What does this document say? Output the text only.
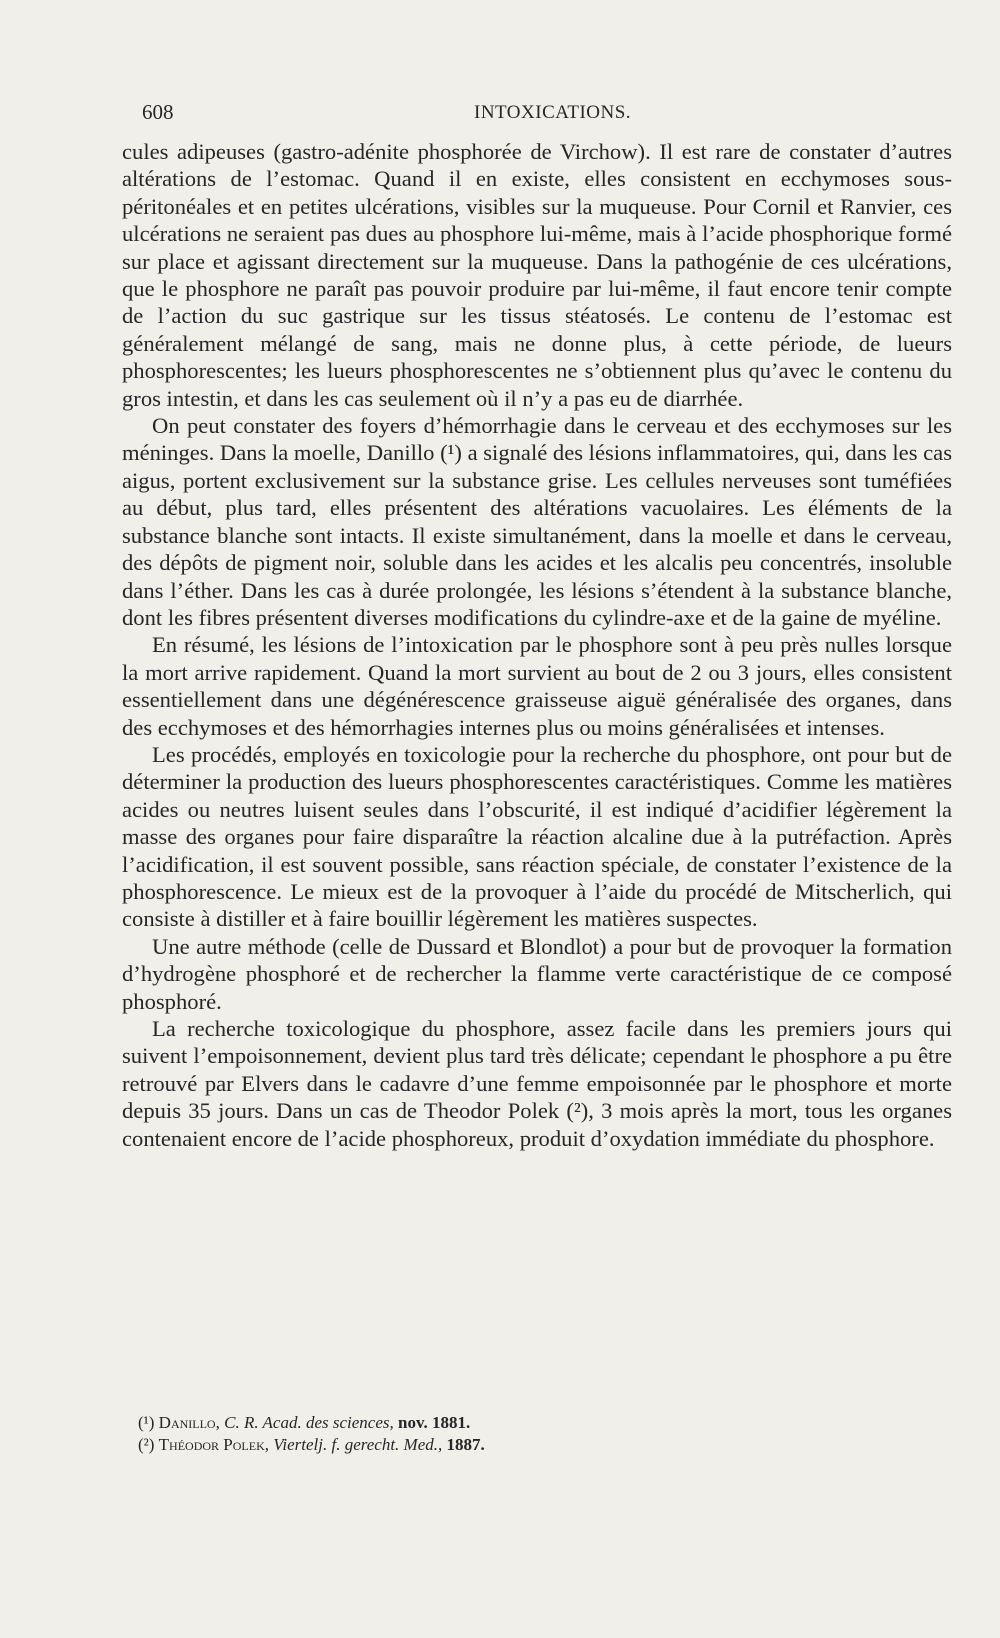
608	INTOXICATIONS.

cules adipeuses (gastro-adénite phosphorée de Virchow). Il est rare de constater d’autres altérations de l’estomac. Quand il en existe, elles consistent en ecchymoses sous-péritonéales et en petites ulcérations, visibles sur la muqueuse. Pour Cornil et Ranvier, ces ulcérations ne seraient pas dues au phosphore lui-même, mais à l’acide phosphorique formé sur place et agissant directement sur la muqueuse. Dans la pathogénie de ces ulcérations, que le phosphore ne paraît pas pouvoir produire par lui-même, il faut encore tenir compte de l’action du suc gastrique sur les tissus stéatosés. Le contenu de l’estomac est généralement mélangé de sang, mais ne donne plus, à cette période, de lueurs phosphorescentes; les lueurs phosphorescentes ne s’obtiennent plus qu’avec le contenu du gros intestin, et dans les cas seulement où il n’y a pas eu de diarrhée.

On peut constater des foyers d’hémorrhagie dans le cerveau et des ecchymoses sur les méninges. Dans la moelle, Danillo (¹) a signalé des lésions inflammatoires, qui, dans les cas aigus, portent exclusivement sur la substance grise. Les cellules nerveuses sont tuméfiées au début, plus tard, elles présentent des altérations vacuolaires. Les éléments de la substance blanche sont intacts. Il existe simultanément, dans la moelle et dans le cerveau, des dépôts de pigment noir, soluble dans les acides et les alcalis peu concentrés, insoluble dans l’éther. Dans les cas à durée prolongée, les lésions s’étendent à la substance blanche, dont les fibres présentent diverses modifications du cylindre-axe et de la gaine de myéline.

En résumé, les lésions de l’intoxication par le phosphore sont à peu près nulles lorsque la mort arrive rapidement. Quand la mort survient au bout de 2 ou 3 jours, elles consistent essentiellement dans une dégénérescence graisseuse aiguë généralisée des organes, dans des ecchymoses et des hémorrhagies internes plus ou moins généralisées et intenses.

Les procédés, employés en toxicologie pour la recherche du phosphore, ont pour but de déterminer la production des lueurs phosphorescentes caractéristiques. Comme les matières acides ou neutres luisent seules dans l’obscurité, il est indiqué d’acidifier légèrement la masse des organes pour faire disparaître la réaction alcaline due à la putréfaction. Après l’acidification, il est souvent possible, sans réaction spéciale, de constater l’existence de la phosphorescence. Le mieux est de la provoquer à l’aide du procédé de Mitscherlich, qui consiste à distiller et à faire bouillir légèrement les matières suspectes.

Une autre méthode (celle de Dussard et Blondlot) a pour but de provoquer la formation d’hydrogène phosphoré et de rechercher la flamme verte caractéristique de ce composé phosphoré.

La recherche toxicologique du phosphore, assez facile dans les premiers jours qui suivent l’empoisonnement, devient plus tard très délicate; cependant le phosphore a pu être retrouvé par Elvers dans le cadavre d’une femme empoisonnée par le phosphore et morte depuis 35 jours. Dans un cas de Theodor Polek (²), 3 mois après la mort, tous les organes contenaient encore de l’acide phosphoreux, produit d’oxydation immédiate du phosphore.

(¹) Danillo, C. R. Acad. des sciences, nov. 1881.

(²) Théodor Polek, Viertelj. f. gerecht. Med., 1887.
